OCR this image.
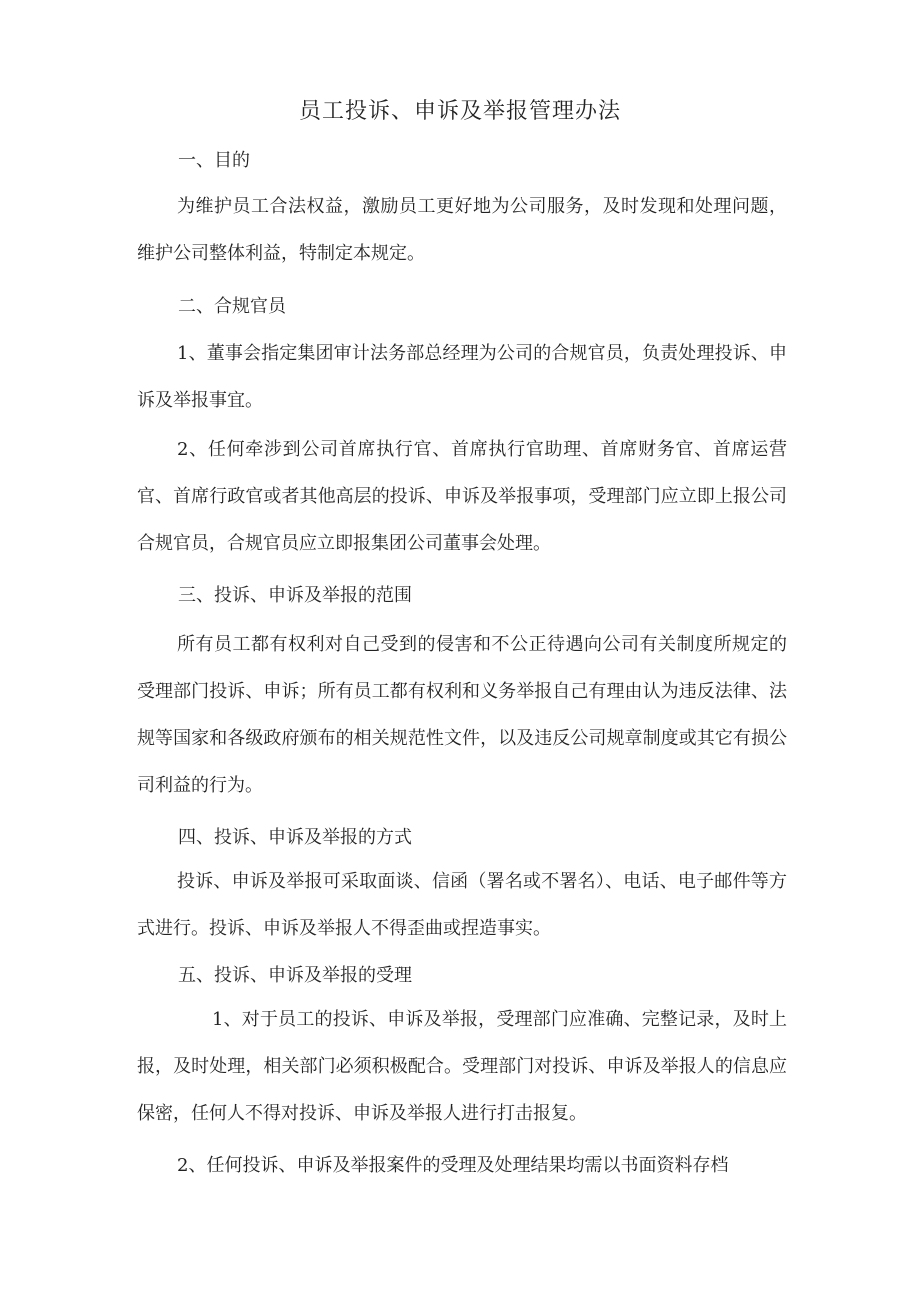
员工投诉、申诉及举报管理办法
一、目的

为维护员工合法权益，激励员工更好地为公司服务，及时发现和处理问题，维护公司整体利益，特制定本规定。

二、合规官员

1、董事会指定集团审计法务部总经理为公司的合规官员，负责处理投诉、申诉及举报事宜。

2、任何牵涉到公司首席执行官、首席执行官助理、首席财务官、首席运营官、首席行政官或者其他高层的投诉、申诉及举报事项，受理部门应立即上报公司合规官员，合规官员应立即报集团公司董事会处理。

三、投诉、申诉及举报的范围

所有员工都有权利对自己受到的侵害和不公正待遇向公司有关制度所规定的受理部门投诉、申诉；所有员工都有权利和义务举报自己有理由认为违反法律、法规等国家和各级政府颁布的相关规范性文件，以及违反公司规章制度或其它有损公司利益的行为。

四、投诉、申诉及举报的方式

投诉、申诉及举报可采取面谈、信函（署名或不署名）、电话、电子邮件等方式进行。投诉、申诉及举报人不得歪曲或捏造事实。

五、投诉、申诉及举报的受理

1、对于员工的投诉、申诉及举报，受理部门应准确、完整记录，及时上报，及时处理，相关部门必须积极配合。受理部门对投诉、申诉及举报人的信息应保密，任何人不得对投诉、申诉及举报人进行打击报复。

2、任何投诉、申诉及举报案件的受理及处理结果均需以书面资料存档
